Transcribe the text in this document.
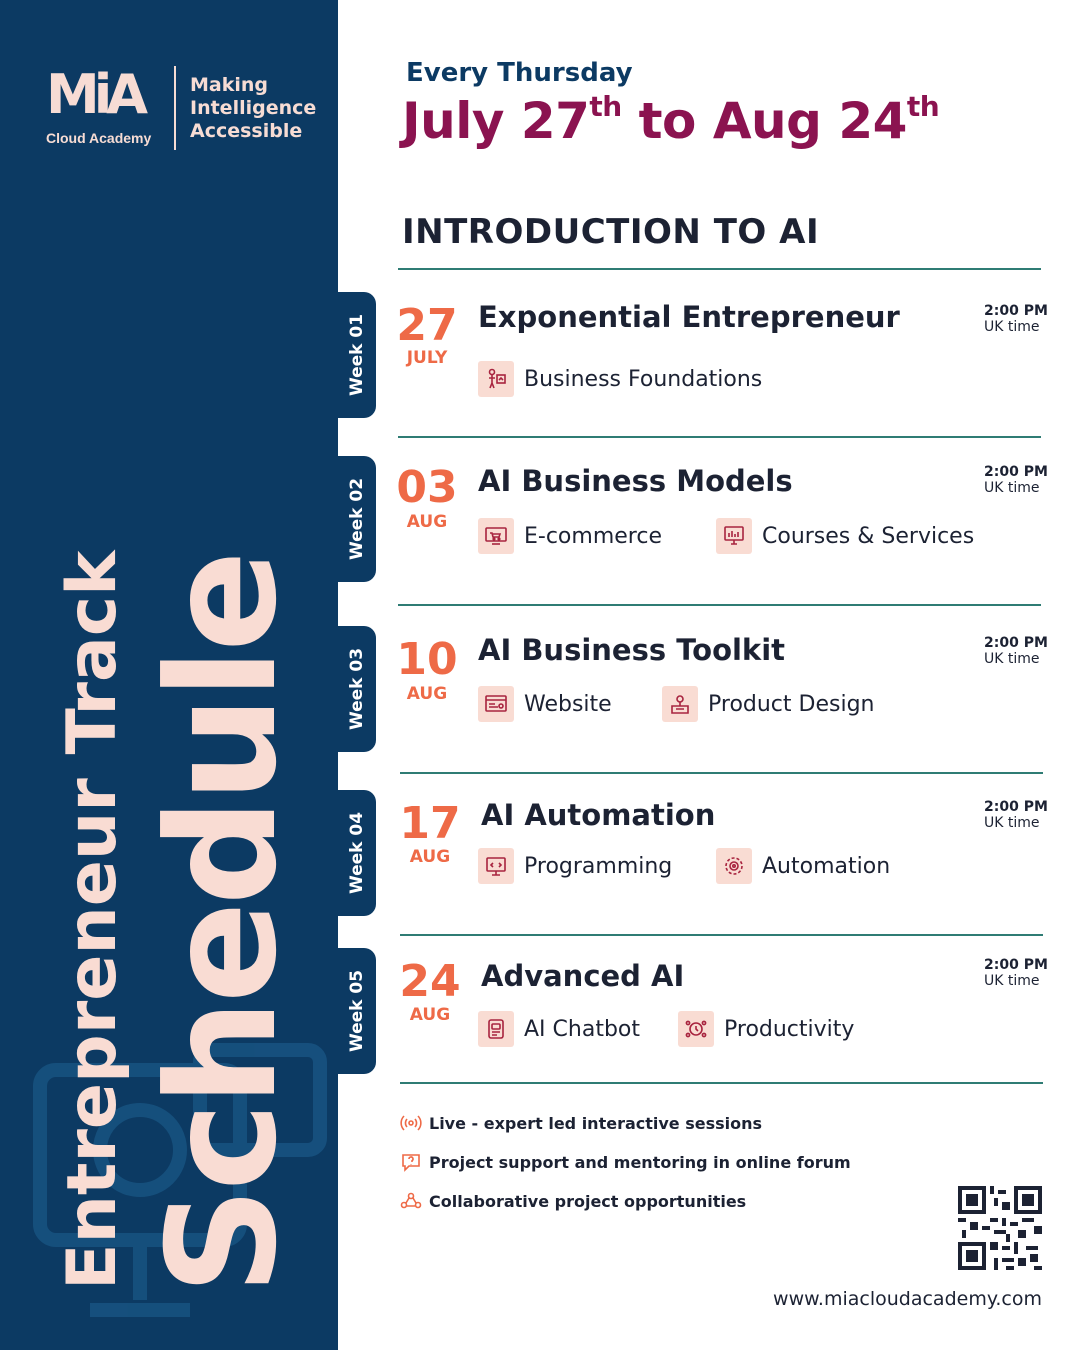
Entrepreneur Track Schedule
MiA
Cloud Academy
Making
Intelligence
Accessible
Week 01
Week 02
Week 03
Week 04
Week 05
Every Thursday
July 27th to Aug 24th
INTRODUCTION TO AI
27
JULY
Exponential Entrepreneur	2:00 PM
UK time
Business Foundations
03
AUG
AI Business Models	2:00 PM
UK time
E-commerce	Courses & Services
10
AUG
AI Business Toolkit	2:00 PM
UK time
Website	Product Design
17
AUG
AI Automation	2:00 PM
UK time
Programming	Automation
24
AUG
Advanced AI	2:00 PM
UK time
AI Chatbot	Productivity
Live - expert led interactive sessions
Project support and mentoring in online forum
Collaborative project opportunities
www.miacloudacademy.com
